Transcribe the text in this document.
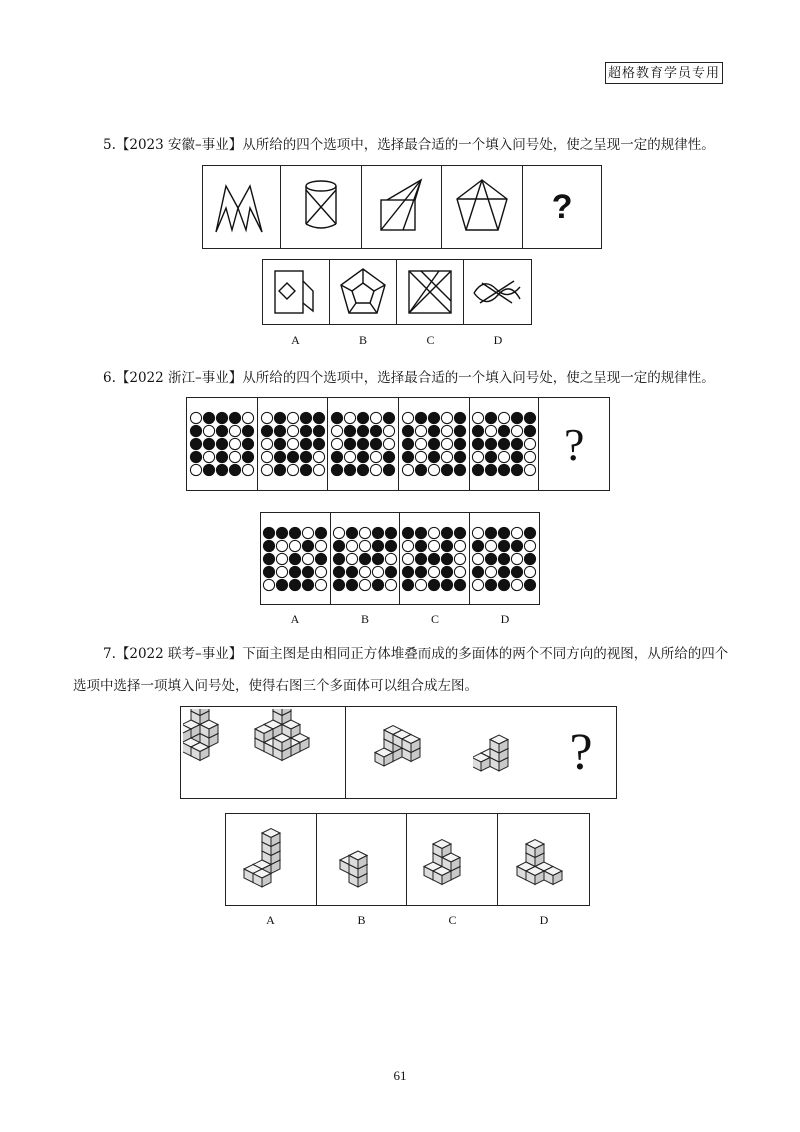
超格教育学员专用
5.【2023 安徽–事业】从所给的四个选项中，选择最合适的一个填入问号处，使之呈现一定的规律性。
?
A	B	C	D
6.【2022 浙江–事业】从所给的四个选项中，选择最合适的一个填入问号处，使之呈现一定的规律性。
?
A	B	C	D
7.【2022 联考–事业】下面主图是由相同正方体堆叠而成的多面体的两个不同方向的视图，从所给的四个
选项中选择一项填入问号处，使得右图三个多面体可以组合成左图。
?
A	B	C	D
61
